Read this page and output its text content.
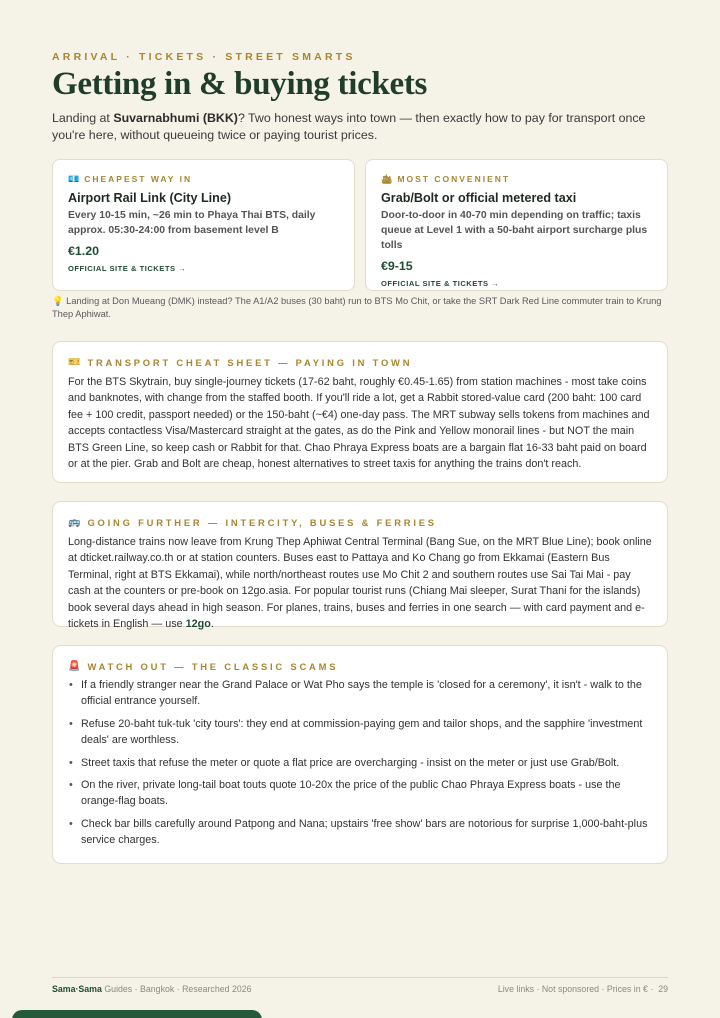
ARRIVAL · TICKETS · STREET SMARTS
Getting in & buying tickets

Landing at Suvarnabhumi (BKK)? Two honest ways into town — then exactly how to pay for transport once you're here, without queueing twice or paying tourist prices.

💶 CHEAPEST WAY IN
Airport Rail Link (City Line)
Every 10-15 min, ~26 min to Phaya Thai BTS, daily approx. 05:30-24:00 from basement level B
€1.20
OFFICIAL SITE & TICKETS →
🛳 MOST CONVENIENT
Grab/Bolt or official metered taxi
Door-to-door in 40-70 min depending on traffic; taxis queue at Level 1 with a 50-baht airport surcharge plus tolls
€9-15
OFFICIAL SITE & TICKETS →

💡 Landing at Don Mueang (DMK) instead? The A1/A2 buses (30 baht) run to BTS Mo Chit, or take the SRT Dark Red Line commuter train to Krung Thep Aphiwat.

🎫 TRANSPORT CHEAT SHEET — PAYING IN TOWN

For the BTS Skytrain, buy single-journey tickets (17-62 baht, roughly €0.45-1.65) from station machines - most take coins and banknotes, with change from the staffed booth. If you'll ride a lot, get a Rabbit stored-value card (200 baht: 100 card fee + 100 credit, passport needed) or the 150-baht (~€4) one-day pass. The MRT subway sells tokens from machines and accepts contactless Visa/Mastercard straight at the gates, as do the Pink and Yellow monorail lines - but NOT the main BTS Green Line, so keep cash or Rabbit for that. Chao Phraya Express boats are a bargain flat 16-33 baht paid on board or at the pier. Grab and Bolt are cheap, honest alternatives to street taxis for anything the trains don't reach.

🚌 GOING FURTHER — INTERCITY, BUSES & FERRIES

Long-distance trains now leave from Krung Thep Aphiwat Central Terminal (Bang Sue, on the MRT Blue Line); book online at dticket.railway.co.th or at station counters. Buses east to Pattaya and Ko Chang go from Ekkamai (Eastern Bus Terminal, right at BTS Ekkamai), while north/northeast routes use Mo Chit 2 and southern routes use Sai Tai Mai - pay cash at the counters or pre-book on 12go.asia. For popular tourist runs (Chiang Mai sleeper, Surat Thani for the islands) book several days ahead in high season. For planes, trains, buses and ferries in one search — with card payment and e-tickets in English — use 12go.

🚨 WATCH OUT — THE CLASSIC SCAMS
• If a friendly stranger near the Grand Palace or Wat Pho says the temple is 'closed for a ceremony', it isn't - walk to the official entrance yourself.
• Refuse 20-baht tuk-tuk 'city tours': they end at commission-paying gem and tailor shops, and the sapphire 'investment deals' are worthless.
• Street taxis that refuse the meter or quote a flat price are overcharging - insist on the meter or just use Grab/Bolt.
• On the river, private long-tail boat touts quote 10-20x the price of the public Chao Phraya Express boats - use the orange-flag boats.
• Check bar bills carefully around Patpong and Nana; upstairs 'free show' bars are notorious for surprise 1,000-baht-plus service charges.
Sama·Sama Guides · Bangkok · Researched 2026	Live links · Not sponsored · Prices in € · 29
